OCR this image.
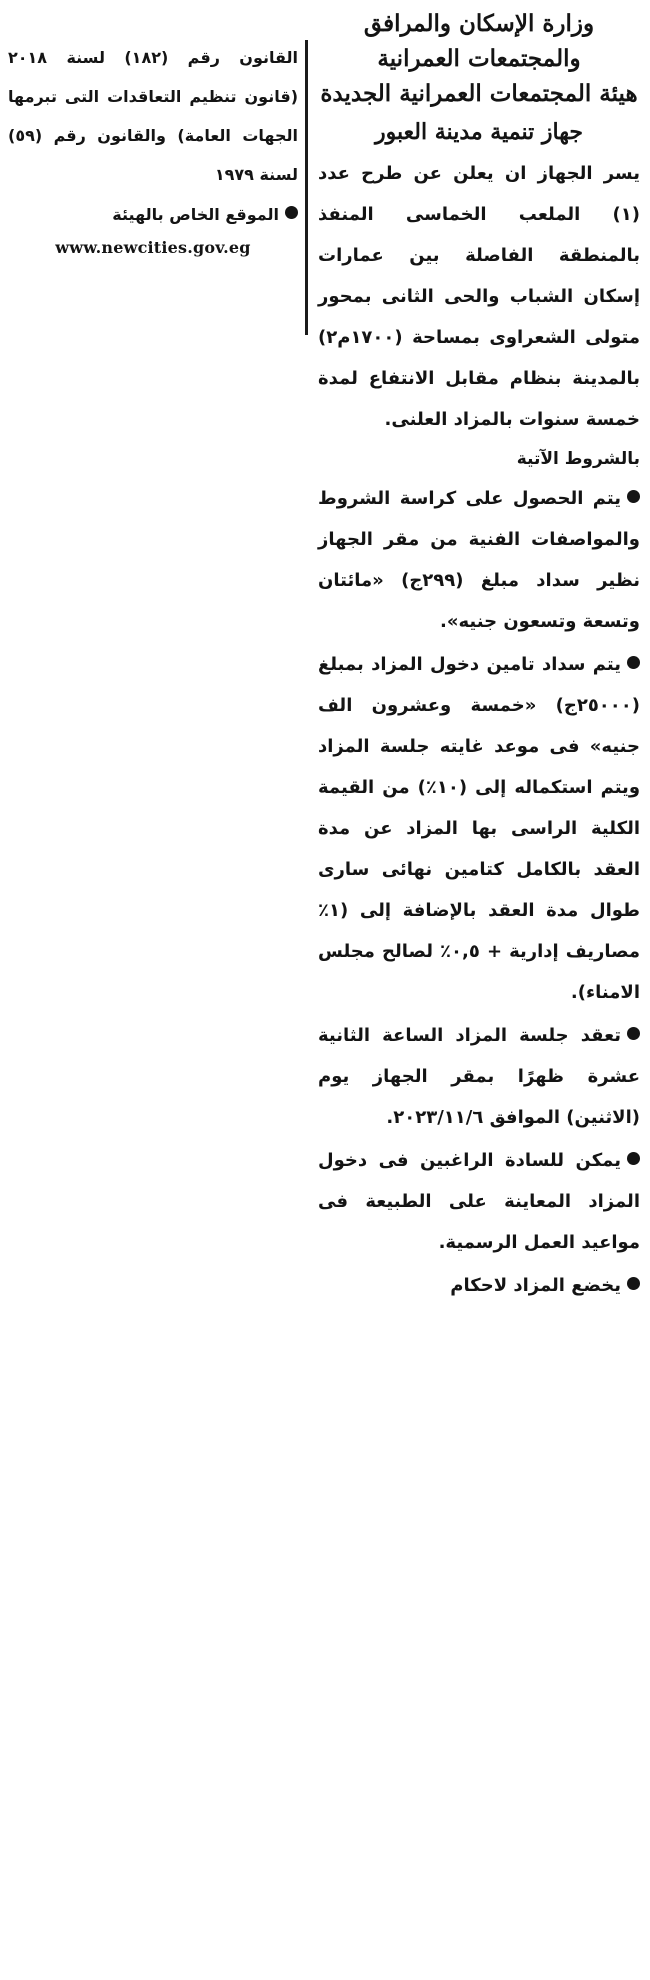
وزارة الإسكان والمرافق والمجتمعات العمرانية
هيئة المجتمعات العمرانية الجديدة
جهاز تنمية مدينة العبور

يسر الجهاز ان يعلن عن طرح عدد (١) الملعب الخماسى المنفذ بالمنطقة الفاصلة بين عمارات إسكان الشباب والحى الثانى بمحور متولى الشعراوى بمساحة (١٧٠٠م٢) بالمدينة بنظام مقابل الانتفاع لمدة خمسة سنوات بالمزاد العلنى.

بالشروط الآتية

يتم الحصول على كراسة الشروط والمواصفات الفنية من مقر الجهاز نظير سداد مبلغ (٢٩٩ج) «مائتان وتسعة وتسعون جنيه».
يتم سداد تامين دخول المزاد بمبلغ (٢٥٠٠٠ج) «خمسة وعشرون الف جنيه» فى موعد غايته جلسة المزاد ويتم استكماله إلى (١٠٪) من القيمة الكلية الراسى بها المزاد عن مدة العقد بالكامل كتامين نهائى سارى طوال مدة العقد بالإضافة إلى (١٪ مصاريف إدارية + ٠,٥٪ لصالح مجلس الامناء).
تعقد جلسة المزاد الساعة الثانية عشرة ظهرًا بمقر الجهاز يوم (الاثنين) الموافق ٢٠٢٣/١١/٦.
يمكن للسادة الراغبين فى دخول المزاد المعاينة على الطبيعة فى مواعيد العمل الرسمية.
يخضع المزاد لاحكام

القانون رقم (١٨٢) لسنة ٢٠١٨ (قانون تنظيم التعاقدات التى تبرمها الجهات العامة) والقانون رقم (٥٩) لسنة ١٩٧٩

الموقع الخاص بالهيئة

www.newcities.gov.eg
